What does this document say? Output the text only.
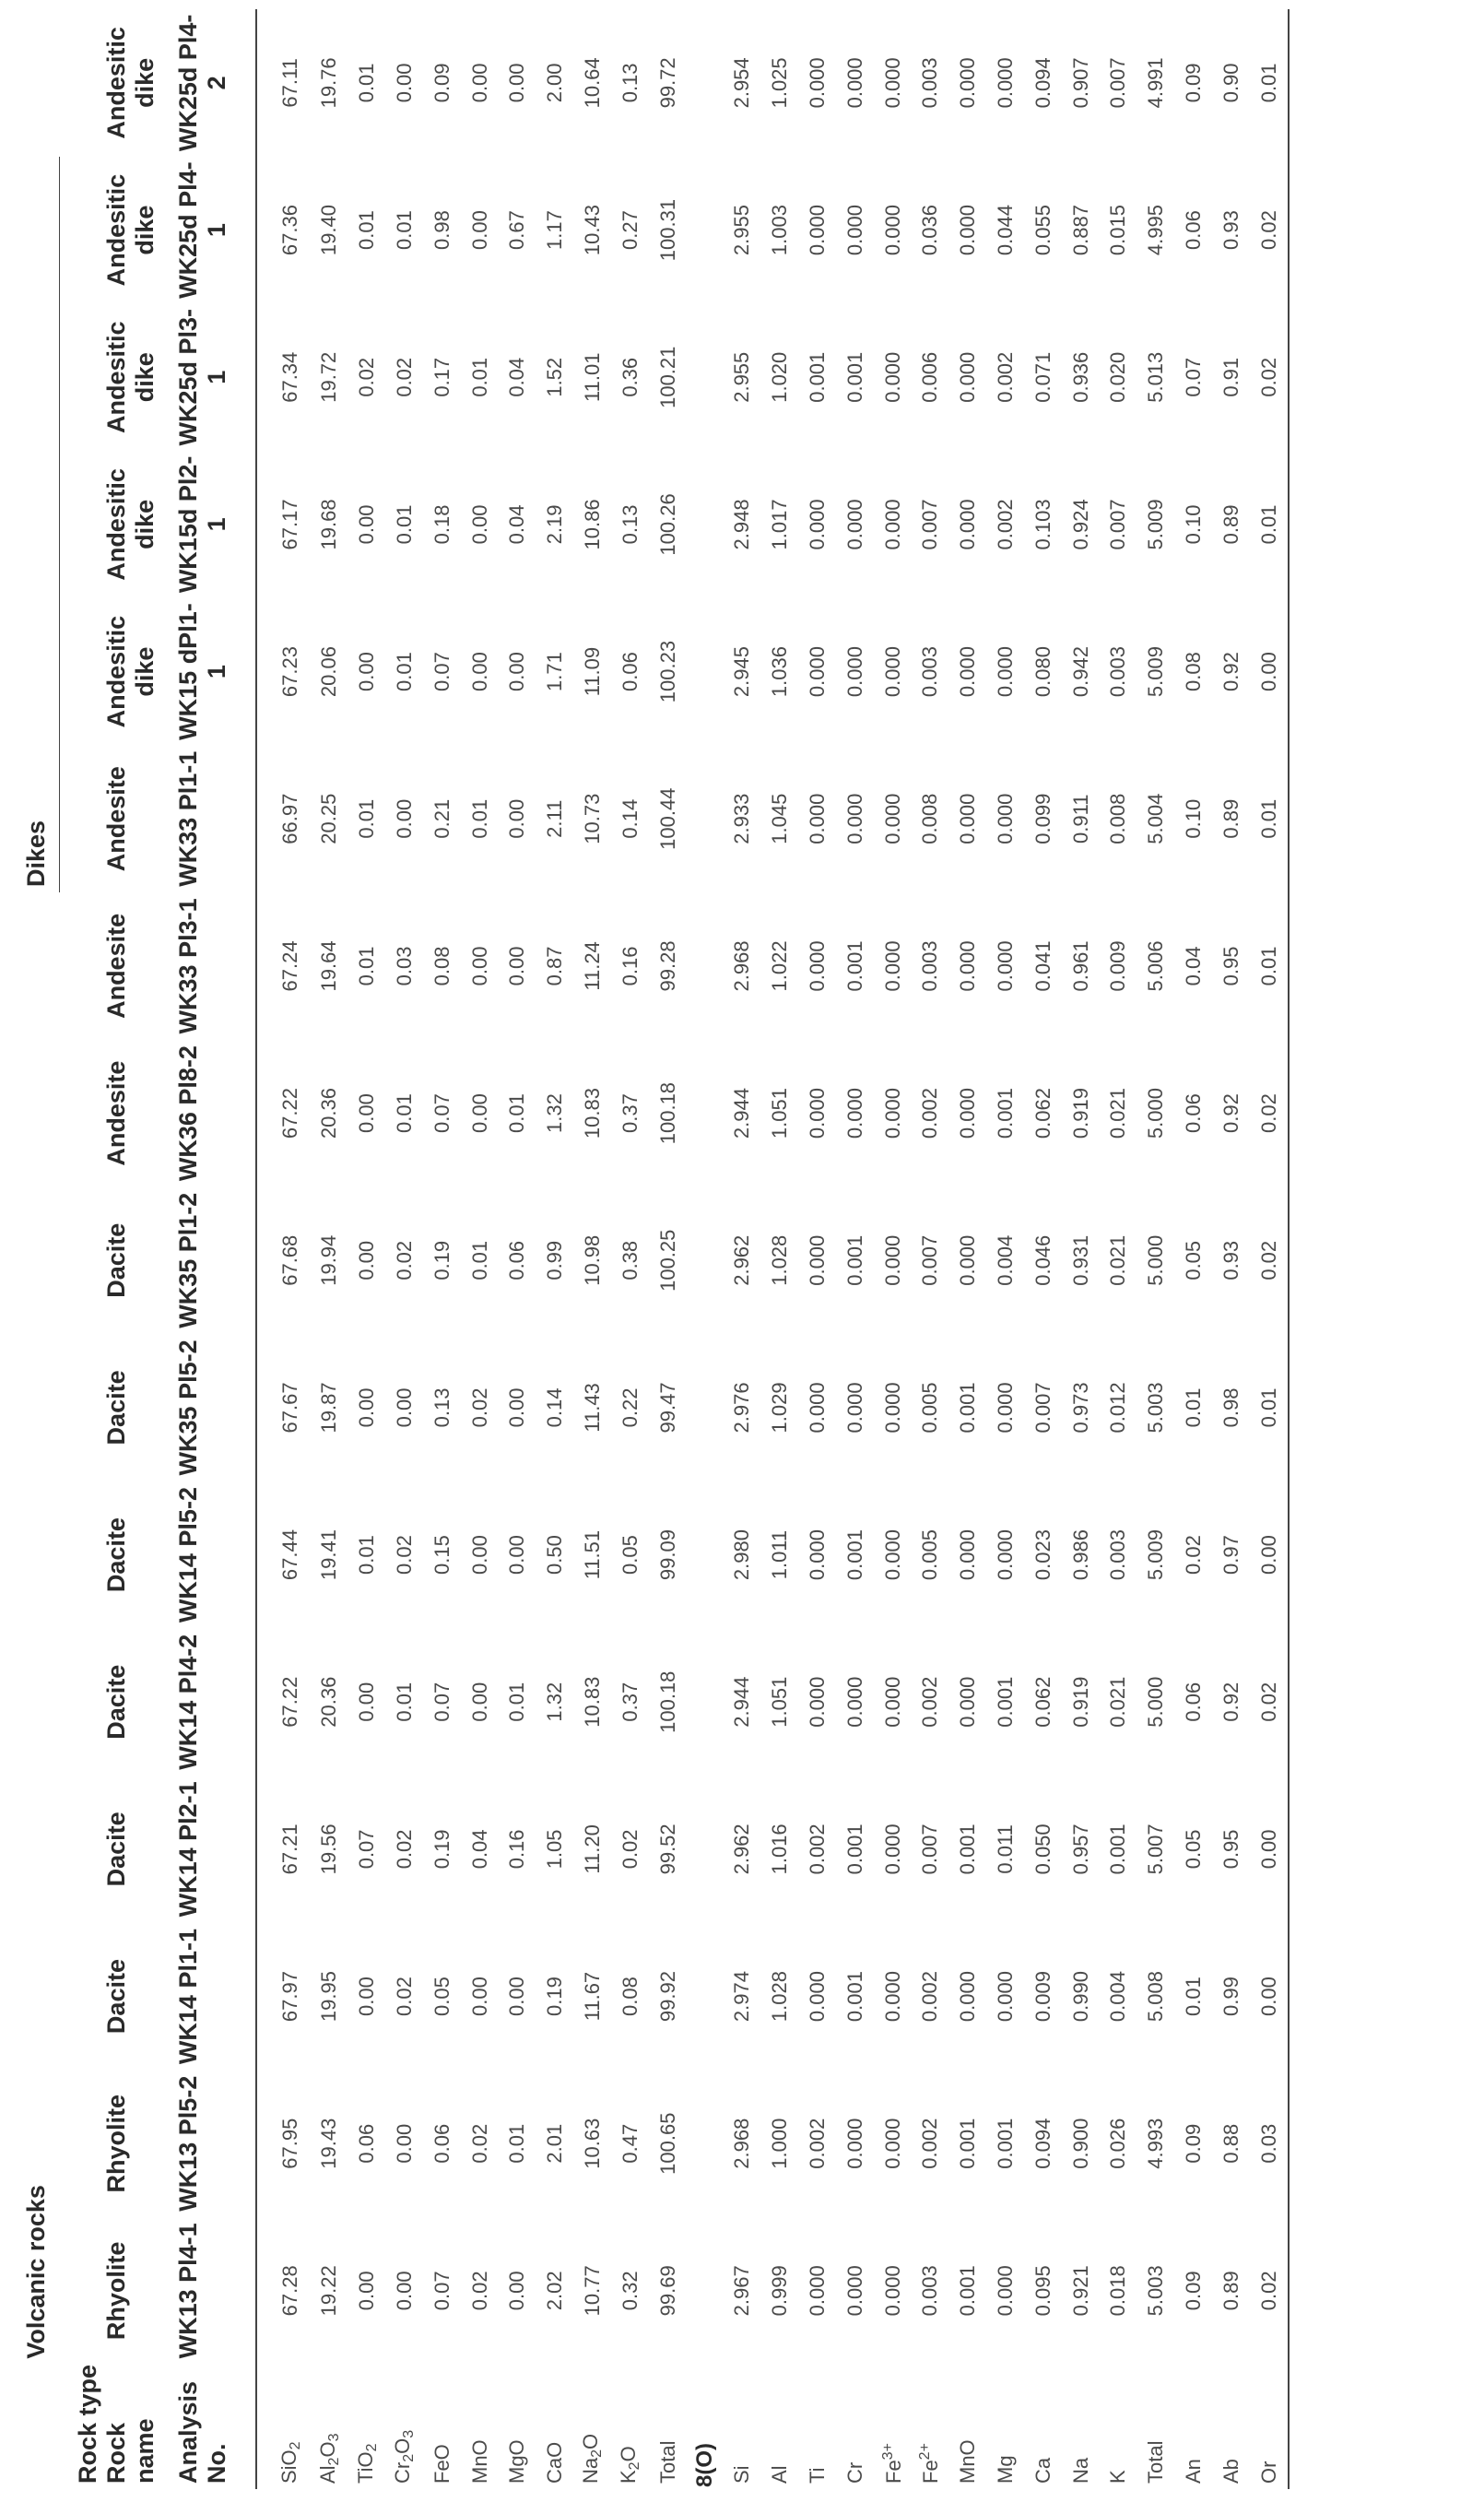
	Volcanic rocks										Dikes					
Rock type																
Rock name	Rhyolite	Rhyolite	Dacite	Dacite	Dacite	Dacite	Dacite	Dacite	Andesite	Andesite	Andesite	Andesitic dike	Andesitic dike	Andesitic dike	Andesitic dike	Andesitic dike
Analysis No.	WK13 Pl4-1	WK13 Pl5-2	WK14 Pl1-1	WK14 Pl2-1	WK14 Pl4-2	WK14 Pl5-2	WK35 Pl5-2	WK35 Pl1-2	WK36 Pl8-2	WK33 Pl3-1	WK33 Pl1-1	WK15 dPl1-1	WK15d Pl2-1	WK25d Pl3-1	WK25d Pl4-1	WK25d Pl4-2
SiO$_2$	67.28	67.95	67.97	67.21	67.22	67.44	67.67	67.68	67.22	67.24	66.97	67.23	67.17	67.34	67.36	67.11
$Al_2O_3$	19.22	19.43	19.95	19.56	20.36	19.41	19.87	19.94	20.36	19.64	20.25	20.06	19.68	19.72	19.40	19.76
TiO$_2$	0.00	0.06	0.00	0.07	0.00	0.01	0.00	0.00	0.00	0.01	0.01	0.00	0.00	0.02	0.01	0.01
$Cr_2O_3$	0.00	0.00	0.02	0.02	0.01	0.02	0.00	0.02	0.01	0.03	0.00	0.01	0.01	0.02	0.01	0.00
FeO	0.07	0.06	0.05	0.19	0.07	0.15	0.13	0.19	0.07	0.08	0.21	0.07	0.18	0.17	0.98	0.09
MnO	0.02	0.02	0.00	0.04	0.00	0.00	0.02	0.01	0.00	0.00	0.01	0.00	0.00	0.01	0.00	0.00
MgO	0.00	0.01	0.00	0.16	0.01	0.00	0.00	0.06	0.01	0.00	0.00	0.00	0.04	0.04	0.67	0.00
CaO	2.02	2.01	0.19	1.05	1.32	0.50	0.14	0.99	1.32	0.87	2.11	1.71	2.19	1.52	1.17	2.00
$Na_2O$	10.77	10.63	11.67	11.20	10.83	11.51	11.43	10.98	10.83	11.24	10.73	11.09	10.86	11.01	10.43	10.64
$K_2O$	0.32	0.47	0.08	0.02	0.37	0.05	0.22	0.38	0.37	0.16	0.14	0.06	0.13	0.36	0.27	0.13
Total	99.69	100.65	99.92	99.52	100.18	99.09	99.47	100.25	100.18	99.28	100.44	100.23	100.26	100.21	100.31	99.72
8(O)																
Si	2.967	2.968	2.974	2.962	2.944	2.980	2.976	2.962	2.944	2.968	2.933	2.945	2.948	2.955	2.955	2.954
Al	0.999	1.000	1.028	1.016	1.051	1.011	1.029	1.028	1.051	1.022	1.045	1.036	1.017	1.020	1.003	1.025
Ti	0.000	0.002	0.000	0.002	0.000	0.000	0.000	0.000	0.000	0.000	0.000	0.000	0.000	0.001	0.000	0.000
Cr	0.000	0.000	0.001	0.001	0.000	0.001	0.000	0.001	0.000	0.001	0.000	0.000	0.000	0.001	0.000	0.000
$Fe^{3+}$	0.000	0.000	0.000	0.000	0.000	0.000	0.000	0.000	0.000	0.000	0.000	0.000	0.000	0.000	0.000	0.000
$Fe^{2+}$	0.003	0.002	0.002	0.007	0.002	0.005	0.005	0.007	0.002	0.003	0.008	0.003	0.007	0.006	0.036	0.003
MnO	0.001	0.001	0.000	0.001	0.000	0.000	0.001	0.000	0.000	0.000	0.000	0.000	0.000	0.000	0.000	0.000
Mg	0.000	0.001	0.000	0.011	0.001	0.000	0.000	0.004	0.001	0.000	0.000	0.000	0.002	0.002	0.044	0.000
Ca	0.095	0.094	0.009	0.050	0.062	0.023	0.007	0.046	0.062	0.041	0.099	0.080	0.103	0.071	0.055	0.094
Na	0.921	0.900	0.990	0.957	0.919	0.986	0.973	0.931	0.919	0.961	0.911	0.942	0.924	0.936	0.887	0.907
K	0.018	0.026	0.004	0.001	0.021	0.003	0.012	0.021	0.021	0.009	0.008	0.003	0.007	0.020	0.015	0.007
Total	5.003	4.993	5.008	5.007	5.000	5.009	5.003	5.000	5.000	5.006	5.004	5.009	5.009	5.013	4.995	4.991
An	0.09	0.09	0.01	0.05	0.06	0.02	0.01	0.05	0.06	0.04	0.10	0.08	0.10	0.07	0.06	0.09
Ab	0.89	0.88	0.99	0.95	0.92	0.97	0.98	0.93	0.92	0.95	0.89	0.92	0.89	0.91	0.93	0.90
Or	0.02	0.03	0.00	0.00	0.02	0.00	0.01	0.02	0.02	0.01	0.01	0.00	0.01	0.02	0.02	0.01
